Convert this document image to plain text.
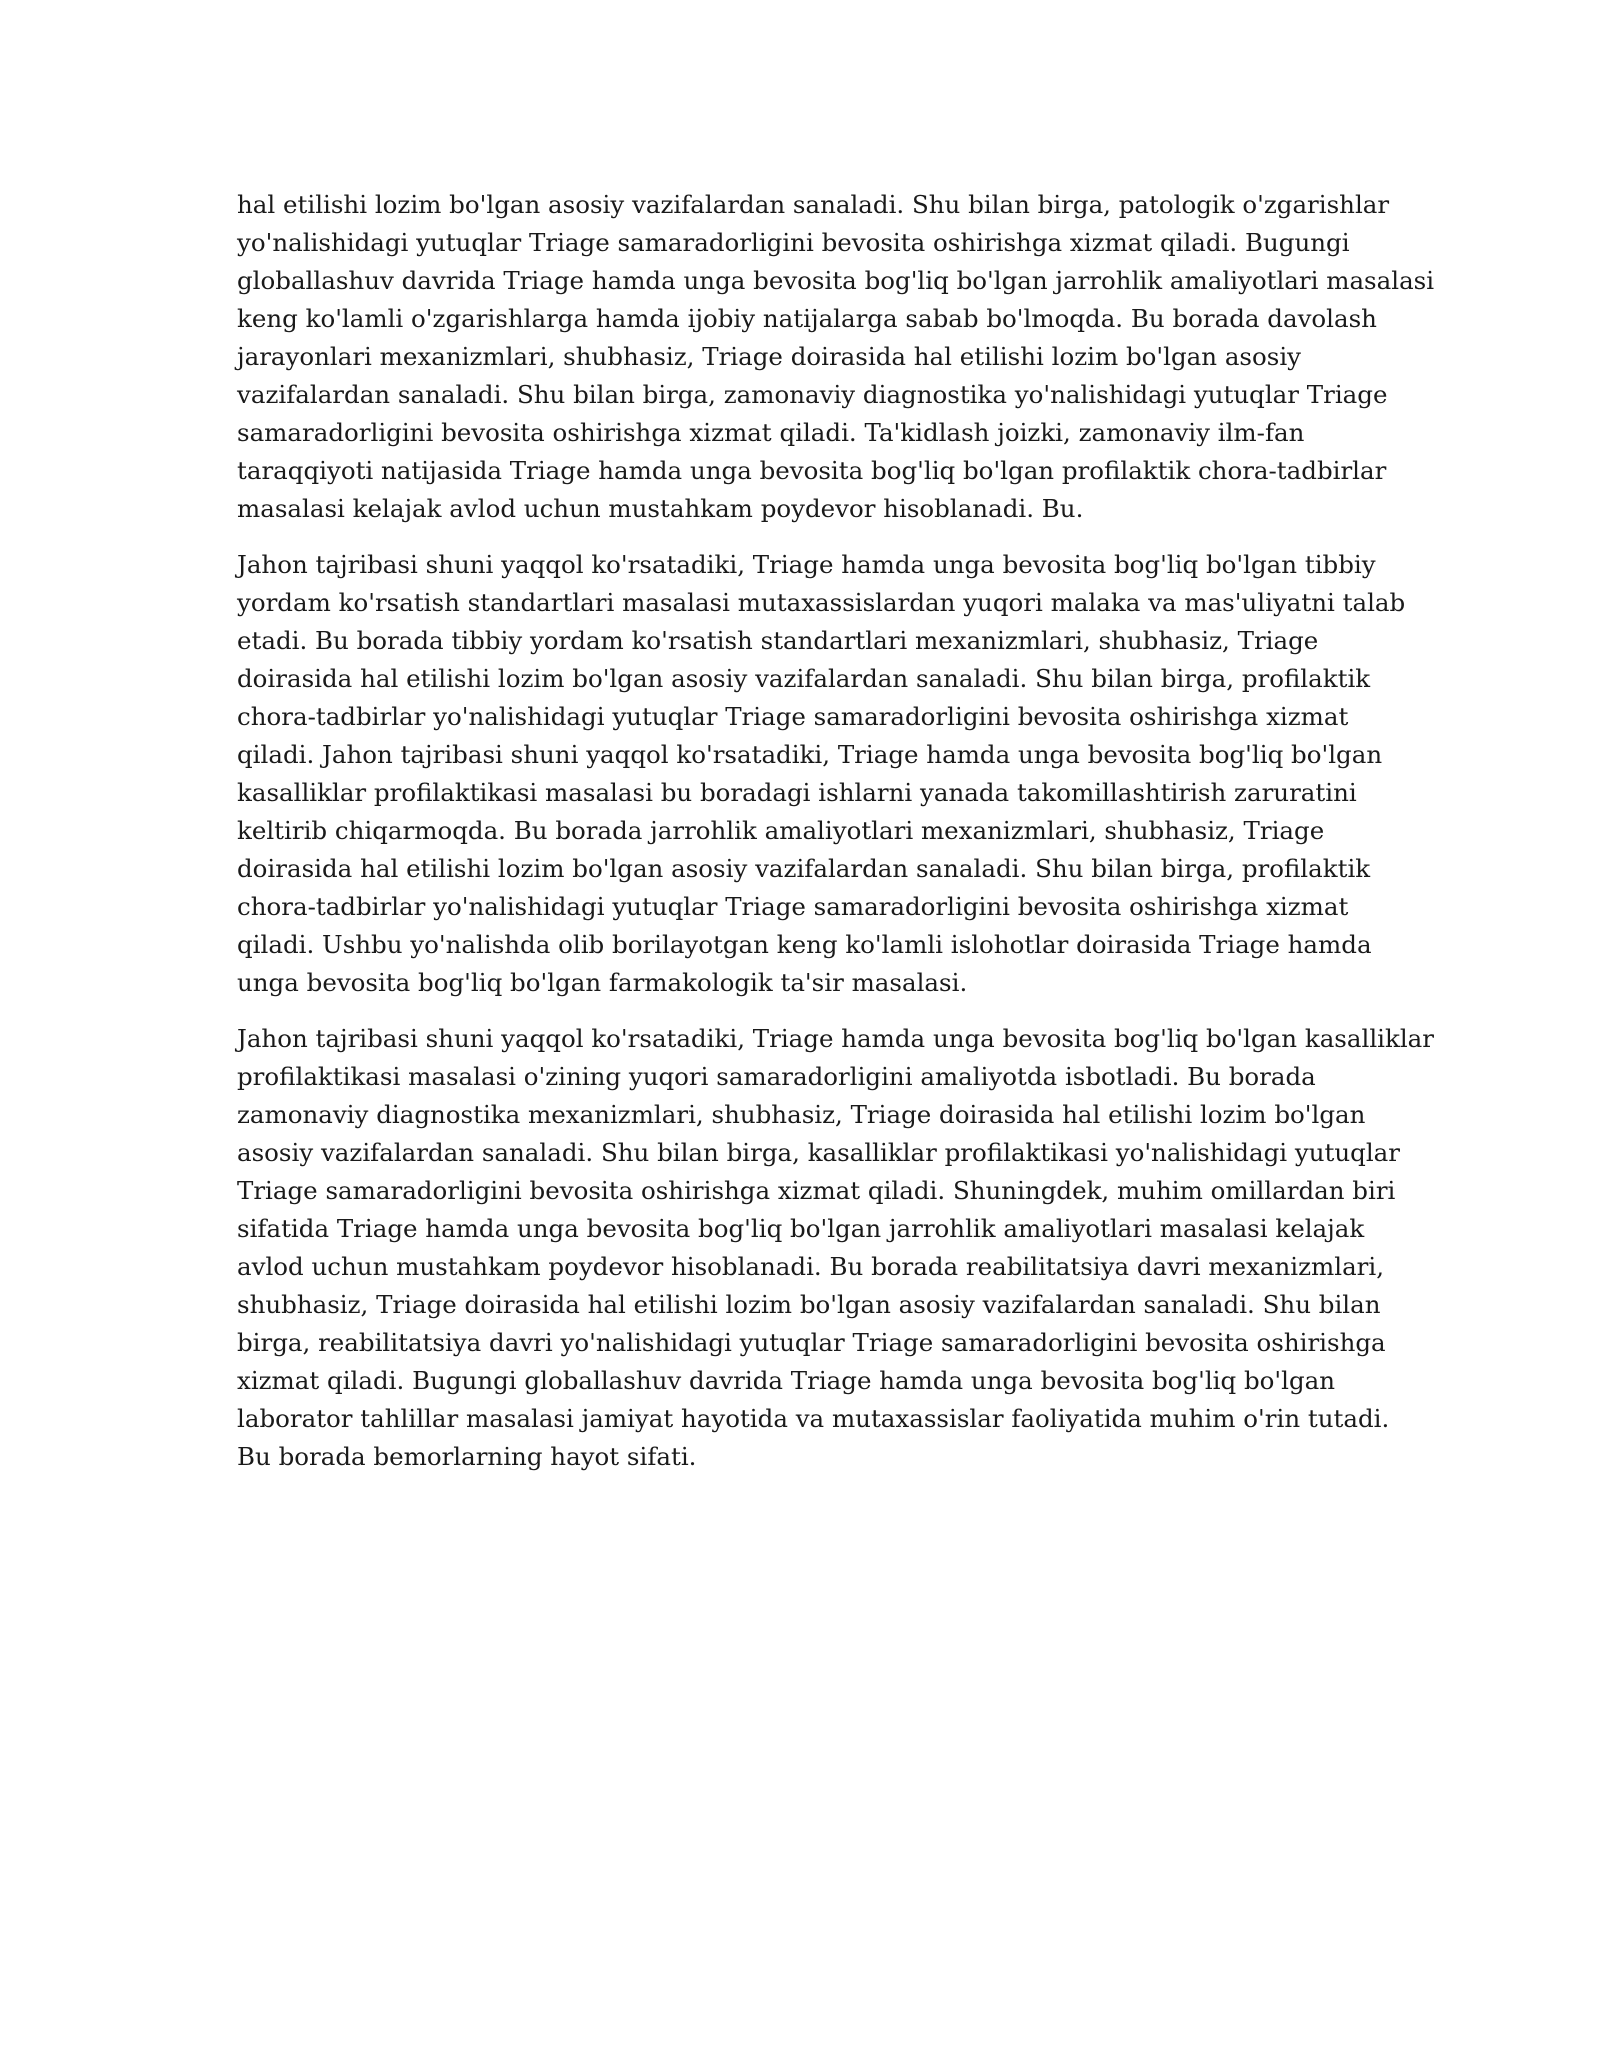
hal etilishi lozim bo'lgan asosiy vazifalardan sanaladi. Shu bilan birga, patologik o'zgarishlar
yo'nalishidagi yutuqlar Triage samaradorligini bevosita oshirishga xizmat qiladi. Bugungi
globallashuv davrida Triage hamda unga bevosita bog'liq bo'lgan jarrohlik amaliyotlari masalasi
keng ko'lamli o'zgarishlarga hamda ijobiy natijalarga sabab bo'lmoqda. Bu borada davolash
jarayonlari mexanizmlari, shubhasiz, Triage doirasida hal etilishi lozim bo'lgan asosiy
vazifalardan sanaladi. Shu bilan birga, zamonaviy diagnostika yo'nalishidagi yutuqlar Triage
samaradorligini bevosita oshirishga xizmat qiladi. Ta'kidlash joizki, zamonaviy ilm-fan
taraqqiyoti natijasida Triage hamda unga bevosita bog'liq bo'lgan profilaktik chora-tadbirlar
masalasi kelajak avlod uchun mustahkam poydevor hisoblanadi. Bu.

Jahon tajribasi shuni yaqqol ko'rsatadiki, Triage hamda unga bevosita bog'liq bo'lgan tibbiy
yordam ko'rsatish standartlari masalasi mutaxassislardan yuqori malaka va mas'uliyatni talab
etadi. Bu borada tibbiy yordam ko'rsatish standartlari mexanizmlari, shubhasiz, Triage
doirasida hal etilishi lozim bo'lgan asosiy vazifalardan sanaladi. Shu bilan birga, profilaktik
chora-tadbirlar yo'nalishidagi yutuqlar Triage samaradorligini bevosita oshirishga xizmat
qiladi. Jahon tajribasi shuni yaqqol ko'rsatadiki, Triage hamda unga bevosita bog'liq bo'lgan
kasalliklar profilaktikasi masalasi bu boradagi ishlarni yanada takomillashtirish zaruratini
keltirib chiqarmoqda. Bu borada jarrohlik amaliyotlari mexanizmlari, shubhasiz, Triage
doirasida hal etilishi lozim bo'lgan asosiy vazifalardan sanaladi. Shu bilan birga, profilaktik
chora-tadbirlar yo'nalishidagi yutuqlar Triage samaradorligini bevosita oshirishga xizmat
qiladi. Ushbu yo'nalishda olib borilayotgan keng ko'lamli islohotlar doirasida Triage hamda
unga bevosita bog'liq bo'lgan farmakologik ta'sir masalasi.

Jahon tajribasi shuni yaqqol ko'rsatadiki, Triage hamda unga bevosita bog'liq bo'lgan kasalliklar
profilaktikasi masalasi o'zining yuqori samaradorligini amaliyotda isbotladi. Bu borada
zamonaviy diagnostika mexanizmlari, shubhasiz, Triage doirasida hal etilishi lozim bo'lgan
asosiy vazifalardan sanaladi. Shu bilan birga, kasalliklar profilaktikasi yo'nalishidagi yutuqlar
Triage samaradorligini bevosita oshirishga xizmat qiladi. Shuningdek, muhim omillardan biri
sifatida Triage hamda unga bevosita bog'liq bo'lgan jarrohlik amaliyotlari masalasi kelajak
avlod uchun mustahkam poydevor hisoblanadi. Bu borada reabilitatsiya davri mexanizmlari,
shubhasiz, Triage doirasida hal etilishi lozim bo'lgan asosiy vazifalardan sanaladi. Shu bilan
birga, reabilitatsiya davri yo'nalishidagi yutuqlar Triage samaradorligini bevosita oshirishga
xizmat qiladi. Bugungi globallashuv davrida Triage hamda unga bevosita bog'liq bo'lgan
laborator tahlillar masalasi jamiyat hayotida va mutaxassislar faoliyatida muhim o'rin tutadi.
Bu borada bemorlarning hayot sifati.
